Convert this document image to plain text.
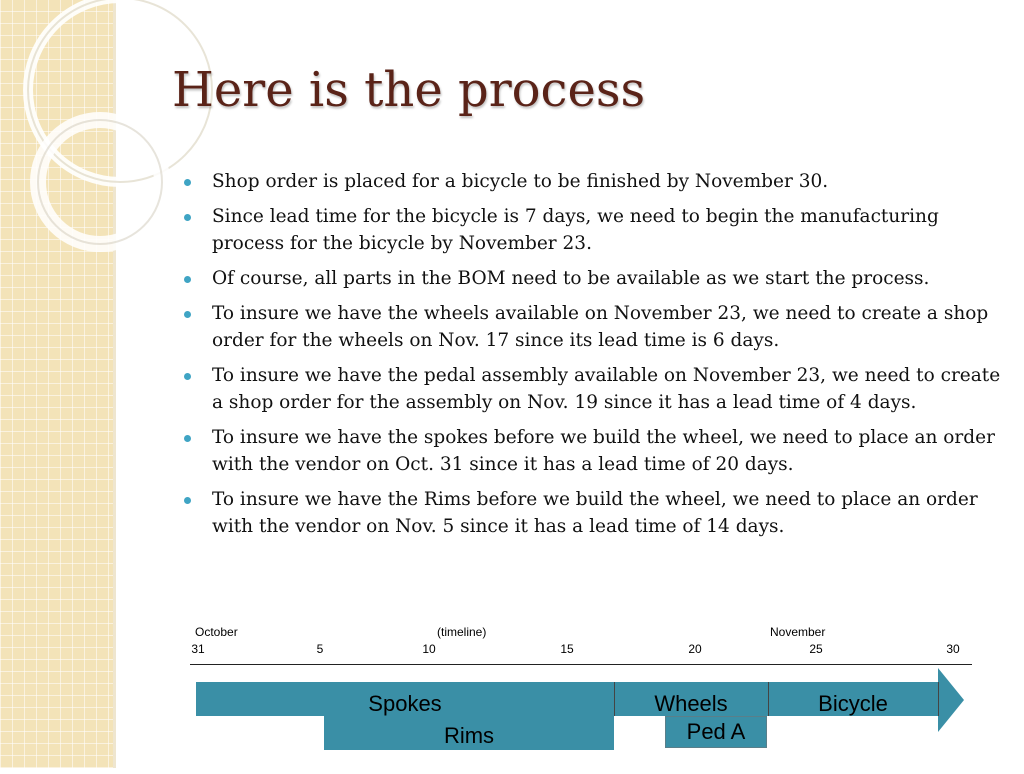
Here is the process
Shop order is placed for a bicycle to be finished by November 30.
Since lead time for the bicycle is 7 days, we need to begin the manufacturing process for the bicycle by November 23.
Of course, all parts in the BOM need to be available as we start the process.
To insure we have the wheels available on November 23, we need to create a shop order for the wheels on Nov. 17 since its lead time is 6 days.
To insure we have the pedal assembly available on November 23, we need to create a shop order for the assembly on Nov. 19 since it has a lead time of 4 days.
To insure we have the spokes before we build the wheel, we need to place an order with the vendor on Oct. 31 since it has a lead time of 20 days.
To insure we have the Rims before we build the wheel, we need to place an order with the vendor on Nov. 5 since it has a lead time of 14 days.
October	(timeline)	November
31	5	10	15	20	25	30
Rims	Ped A
Spokes	Wheels	Bicycle
